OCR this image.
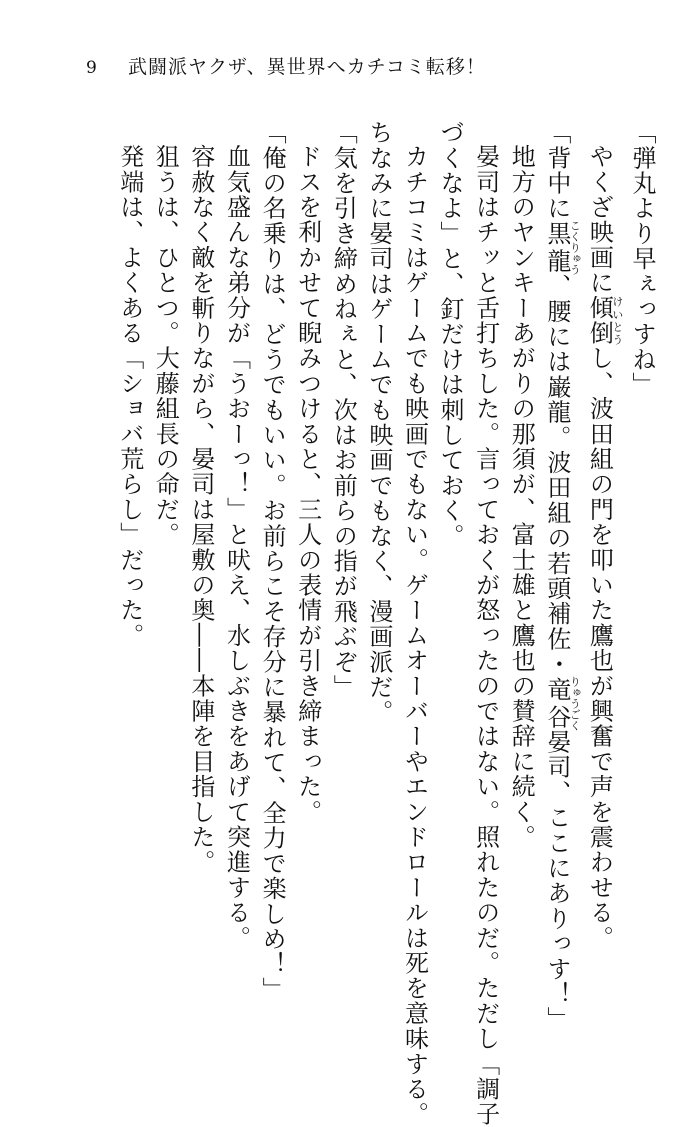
9 武闘派ヤクザ、異世界へカチコミ転移！
「弾丸より早ぇっすね」
やくざ映画に傾倒けいとうし、波田組の門を叩いた鷹也が興奮で声を震わせる。
「背中に黒龍こくりゅう、腰には巌龍。波田組の若頭補佐・竜谷りゅうごく晏司、ここにありっす！」
地方のヤンキーあがりの那須が、富士雄と鷹也の賛辞に続く。
晏司はチッと舌打ちした。言っておくが怒ったのではない。照れたのだ。ただし「調子
づくなよ」と、釘だけは刺しておく。
カチコミはゲームでも映画でもない。ゲームオーバーやエンドロールは死を意味する。
ちなみに晏司はゲームでも映画でもなく、漫画派だ。
「気を引き締めねぇと、次はお前らの指が飛ぶぞ」
ドスを利かせて睨みつけると、三人の表情が引き締まった。
「俺の名乗りは、どうでもいい。お前らこそ存分に暴れて、全力で楽しめ！」
血気盛んな弟分が「うおーっ！」と吠え、水しぶきをあげて突進する。
容赦なく敵を斬りながら、晏司は屋敷の奥――本陣を目指した。
狙うは、ひとつ。大藤組長の命だ。
発端は、よくある「ショバ荒らし」だった。
